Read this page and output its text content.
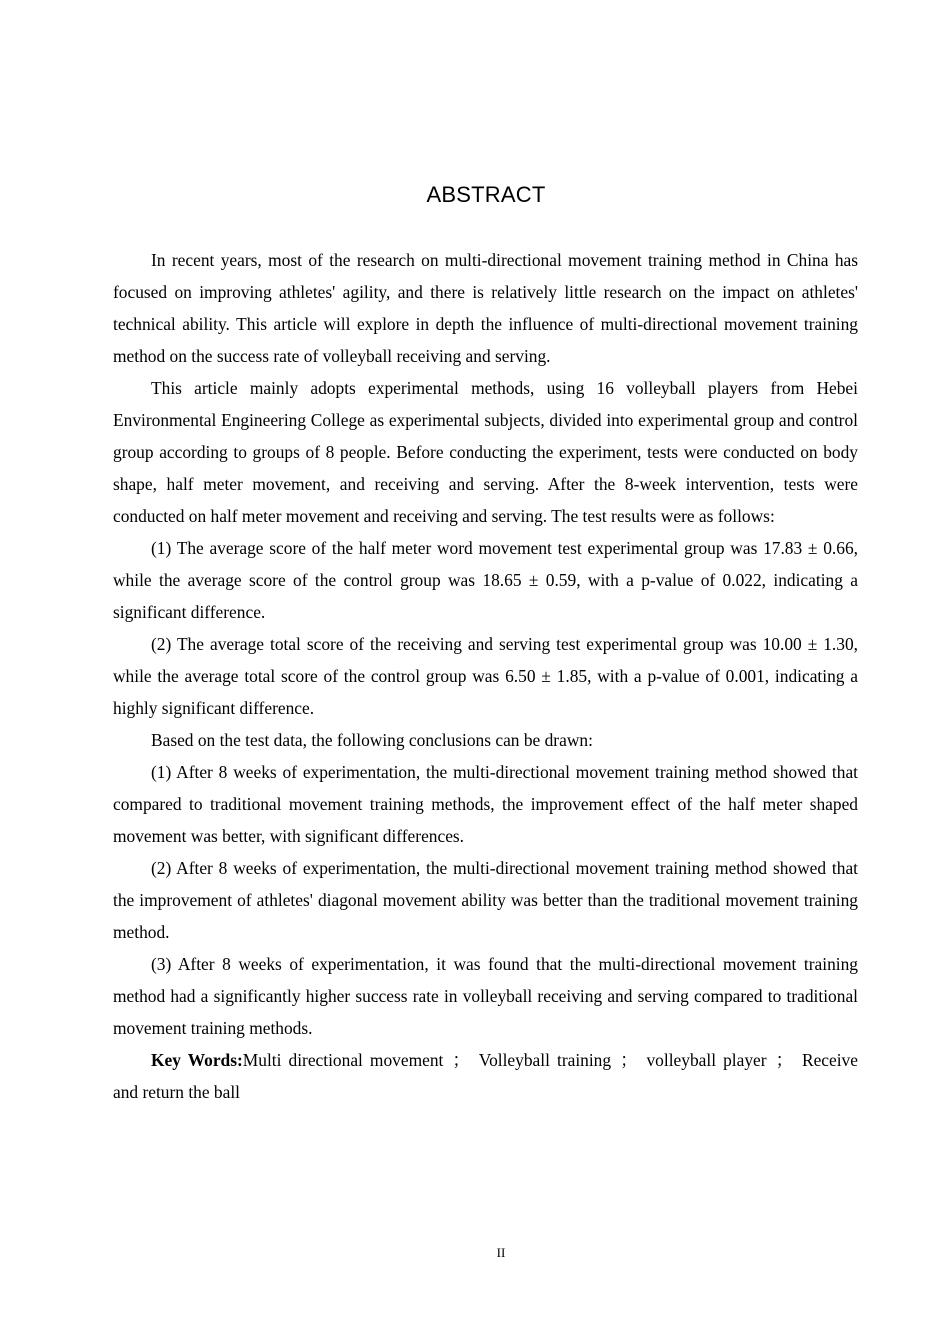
ABSTRACT

In recent years, most of the research on multi-directional movement training method in China has focused on improving athletes' agility, and there is relatively little research on the impact on athletes' technical ability. This article will explore in depth the influence of multi-directional movement training method on the success rate of volleyball receiving and serving.

This article mainly adopts experimental methods, using 16 volleyball players from Hebei Environmental Engineering College as experimental subjects, divided into experimental group and control group according to groups of 8 people. Before conducting the experiment, tests were conducted on body shape, half meter movement, and receiving and serving. After the 8-week intervention, tests were conducted on half meter movement and receiving and serving. The test results were as follows:

(1) The average score of the half meter word movement test experimental group was 17.83 ± 0.66, while the average score of the control group was 18.65 ± 0.59, with a p-value of 0.022, indicating a significant difference.

(2) The average total score of the receiving and serving test experimental group was 10.00 ± 1.30, while the average total score of the control group was 6.50 ± 1.85, with a p-value of 0.001, indicating a highly significant difference.

Based on the test data, the following conclusions can be drawn:

(1) After 8 weeks of experimentation, the multi-directional movement training method showed that compared to traditional movement training methods, the improvement effect of the half meter shaped movement was better, with significant differences.

(2) After 8 weeks of experimentation, the multi-directional movement training method showed that the improvement of athletes' diagonal movement ability was better than the traditional movement training method.

(3) After 8 weeks of experimentation, it was found that the multi-directional movement training method had a significantly higher success rate in volleyball receiving and serving compared to traditional movement training methods.

Key Words:Multi directional movement ； Volleyball training ； volleyball player ； Receive and return the ball

II
